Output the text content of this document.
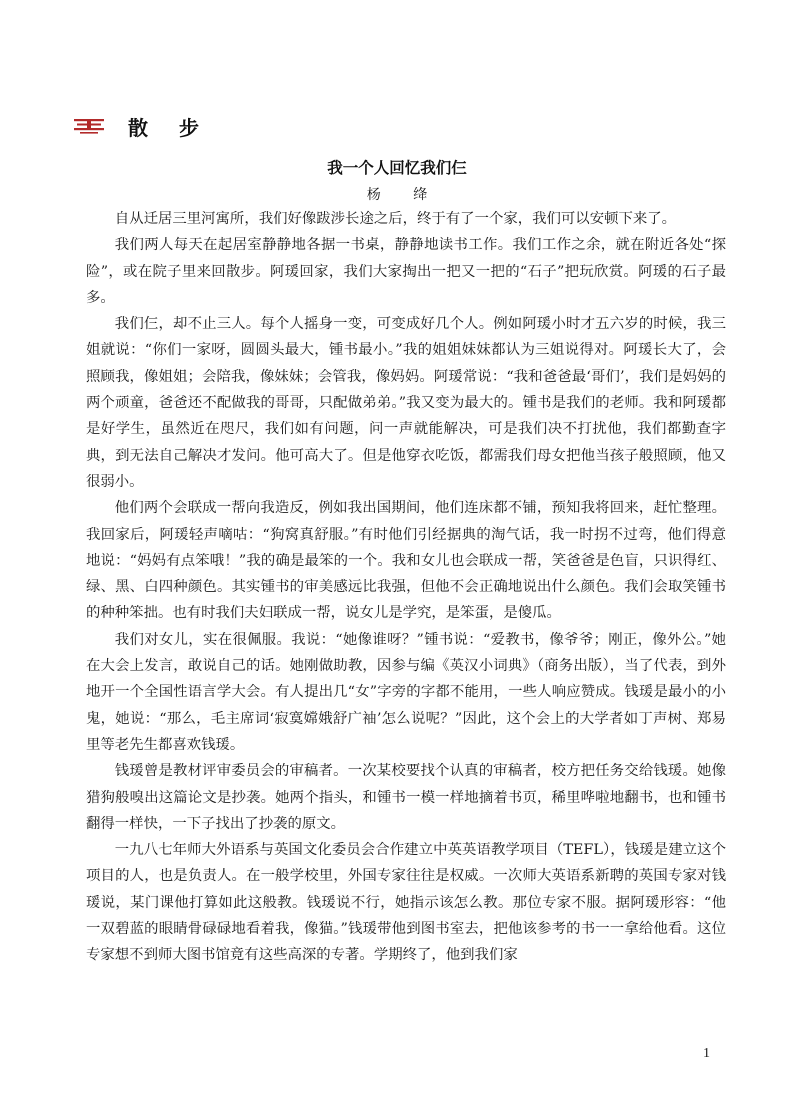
散 步
我一个人回忆我们仨
杨 绛

自从迁居三里河寓所，我们好像跋涉长途之后，终于有了一个家，我们可以安顿下来了。

我们两人每天在起居室静静地各据一书桌，静静地读书工作。我们工作之余，就在附近各处“探险”，或在院子里来回散步。阿瑗回家，我们大家掏出一把又一把的“石子”把玩欣赏。阿瑗的石子最多。

我们仨，却不止三人。每个人摇身一变，可变成好几个人。例如阿瑗小时才五六岁的时候，我三姐就说：“你们一家呀，圆圆头最大，锺书最小。”我的姐姐妹妹都认为三姐说得对。阿瑗长大了，会照顾我，像姐姐；会陪我，像妹妹；会管我，像妈妈。阿瑗常说：“我和爸爸最‘哥们’，我们是妈妈的两个顽童，爸爸还不配做我的哥哥，只配做弟弟。”我又变为最大的。锺书是我们的老师。我和阿瑗都是好学生，虽然近在咫尺，我们如有问题，问一声就能解决，可是我们决不打扰他，我们都勤查字典，到无法自己解决才发问。他可高大了。但是他穿衣吃饭，都需我们母女把他当孩子般照顾，他又很弱小。

他们两个会联成一帮向我造反，例如我出国期间，他们连床都不铺，预知我将回来，赶忙整理。我回家后，阿瑗轻声嘀咕：“狗窝真舒服。”有时他们引经据典的淘气话，我一时拐不过弯，他们得意地说：“妈妈有点笨哦！”我的确是最笨的一个。我和女儿也会联成一帮，笑爸爸是色盲，只识得红、绿、黑、白四种颜色。其实锺书的审美感远比我强，但他不会正确地说出什么颜色。我们会取笑锺书的种种笨拙。也有时我们夫妇联成一帮，说女儿是学究，是笨蛋，是傻瓜。

我们对女儿，实在很佩服。我说：“她像谁呀？”锺书说：“爱教书，像爷爷；刚正，像外公。”她在大会上发言，敢说自己的话。她刚做助教，因参与编《英汉小词典》（商务出版），当了代表，到外地开一个全国性语言学大会。有人提出几“女”字旁的字都不能用，一些人响应赞成。钱瑗是最小的小鬼，她说：“那么，毛主席词‘寂寞嫦娥舒广袖’怎么说呢？”因此，这个会上的大学者如丁声树、郑易里等老先生都喜欢钱瑗。

钱瑗曾是教材评审委员会的审稿者。一次某校要找个认真的审稿者，校方把任务交给钱瑗。她像猎狗般嗅出这篇论文是抄袭。她两个指头，和锺书一模一样地摘着书页，稀里哗啦地翻书，也和锺书翻得一样快，一下子找出了抄袭的原文。

一九八七年师大外语系与英国文化委员会合作建立中英英语教学项目（TEFL），钱瑗是建立这个项目的人，也是负责人。在一般学校里，外国专家往往是权威。一次师大英语系新聘的英国专家对钱瑗说，某门课他打算如此这般教。钱瑗说不行，她指示该怎么教。那位专家不服。据阿瑗形容：“他一双碧蓝的眼睛骨碌碌地看着我，像猫。”钱瑗带他到图书室去，把他该参考的书一一拿给他看。这位专家想不到师大图书馆竟有这些高深的专著。学期终了，他到我们家

1
